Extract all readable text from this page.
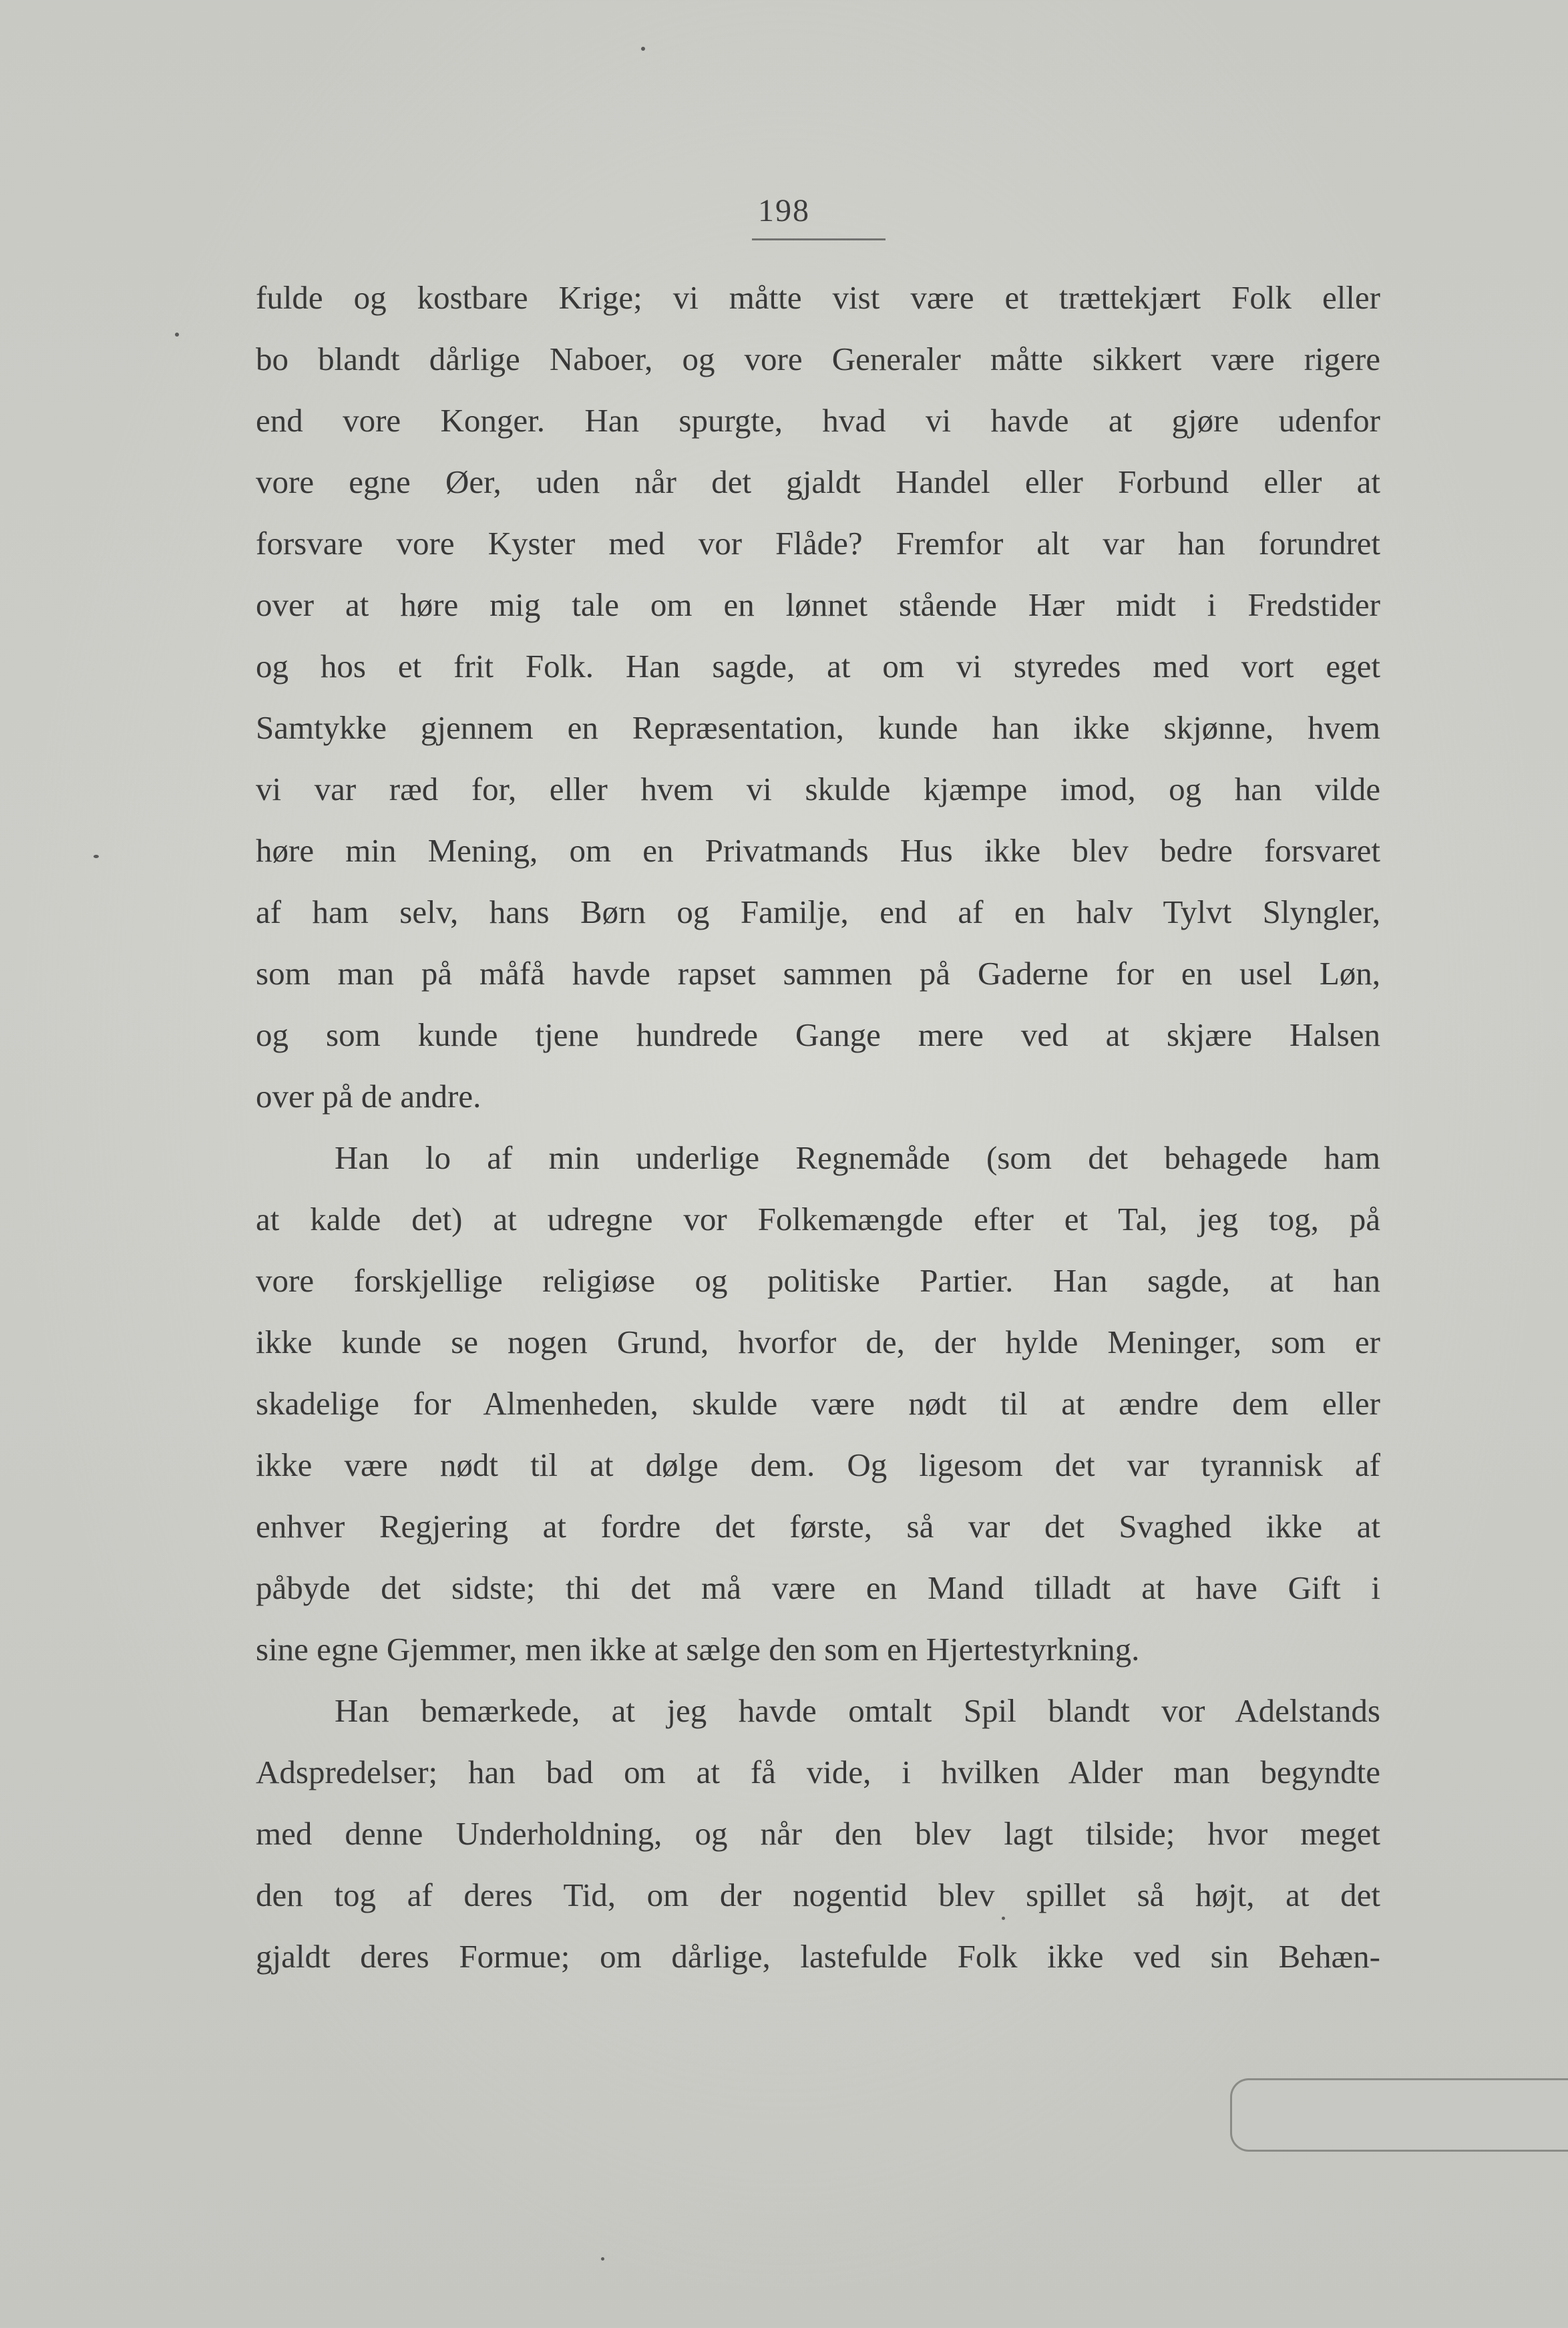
198
fulde og kostbare Krige; vi måtte vist være et trættekjært Folk eller
bo blandt dårlige Naboer, og vore Generaler måtte sikkert være rigere
end vore Konger. Han spurgte, hvad vi havde at gjøre udenfor
vore egne Øer, uden når det gjaldt Handel eller Forbund eller at
forsvare vore Kyster med vor Flåde? Fremfor alt var han forundret
over at høre mig tale om en lønnet stående Hær midt i Fredstider
og hos et frit Folk. Han sagde, at om vi styredes med vort eget
Samtykke gjennem en Repræsentation, kunde han ikke skjønne, hvem
vi var ræd for, eller hvem vi skulde kjæmpe imod, og han vilde
høre min Mening, om en Privatmands Hus ikke blev bedre forsvaret
af ham selv, hans Børn og Familje, end af en halv Tylvt Slyngler,
som man på måfå havde rapset sammen på Gaderne for en usel Løn,
og som kunde tjene hundrede Gange mere ved at skjære Halsen
over på de andre.
Han lo af min underlige Regnemåde (som det behagede ham
at kalde det) at udregne vor Folkemængde efter et Tal, jeg tog, på
vore forskjellige religiøse og politiske Partier. Han sagde, at han
ikke kunde se nogen Grund, hvorfor de, der hylde Meninger, som er
skadelige for Almenheden, skulde være nødt til at ændre dem eller
ikke være nødt til at dølge dem. Og ligesom det var tyrannisk af
enhver Regjering at fordre det første, så var det Svaghed ikke at
påbyde det sidste; thi det må være en Mand tilladt at have Gift i
sine egne Gjemmer, men ikke at sælge den som en Hjertestyrkning.
Han bemærkede, at jeg havde omtalt Spil blandt vor Adelstands
Adspredelser; han bad om at få vide, i hvilken Alder man begyndte
med denne Underholdning, og når den blev lagt tilside; hvor meget
den tog af deres Tid, om der nogentid blev spillet så højt, at det
gjaldt deres Formue; om dårlige, lastefulde Folk ikke ved sin Behæn-
